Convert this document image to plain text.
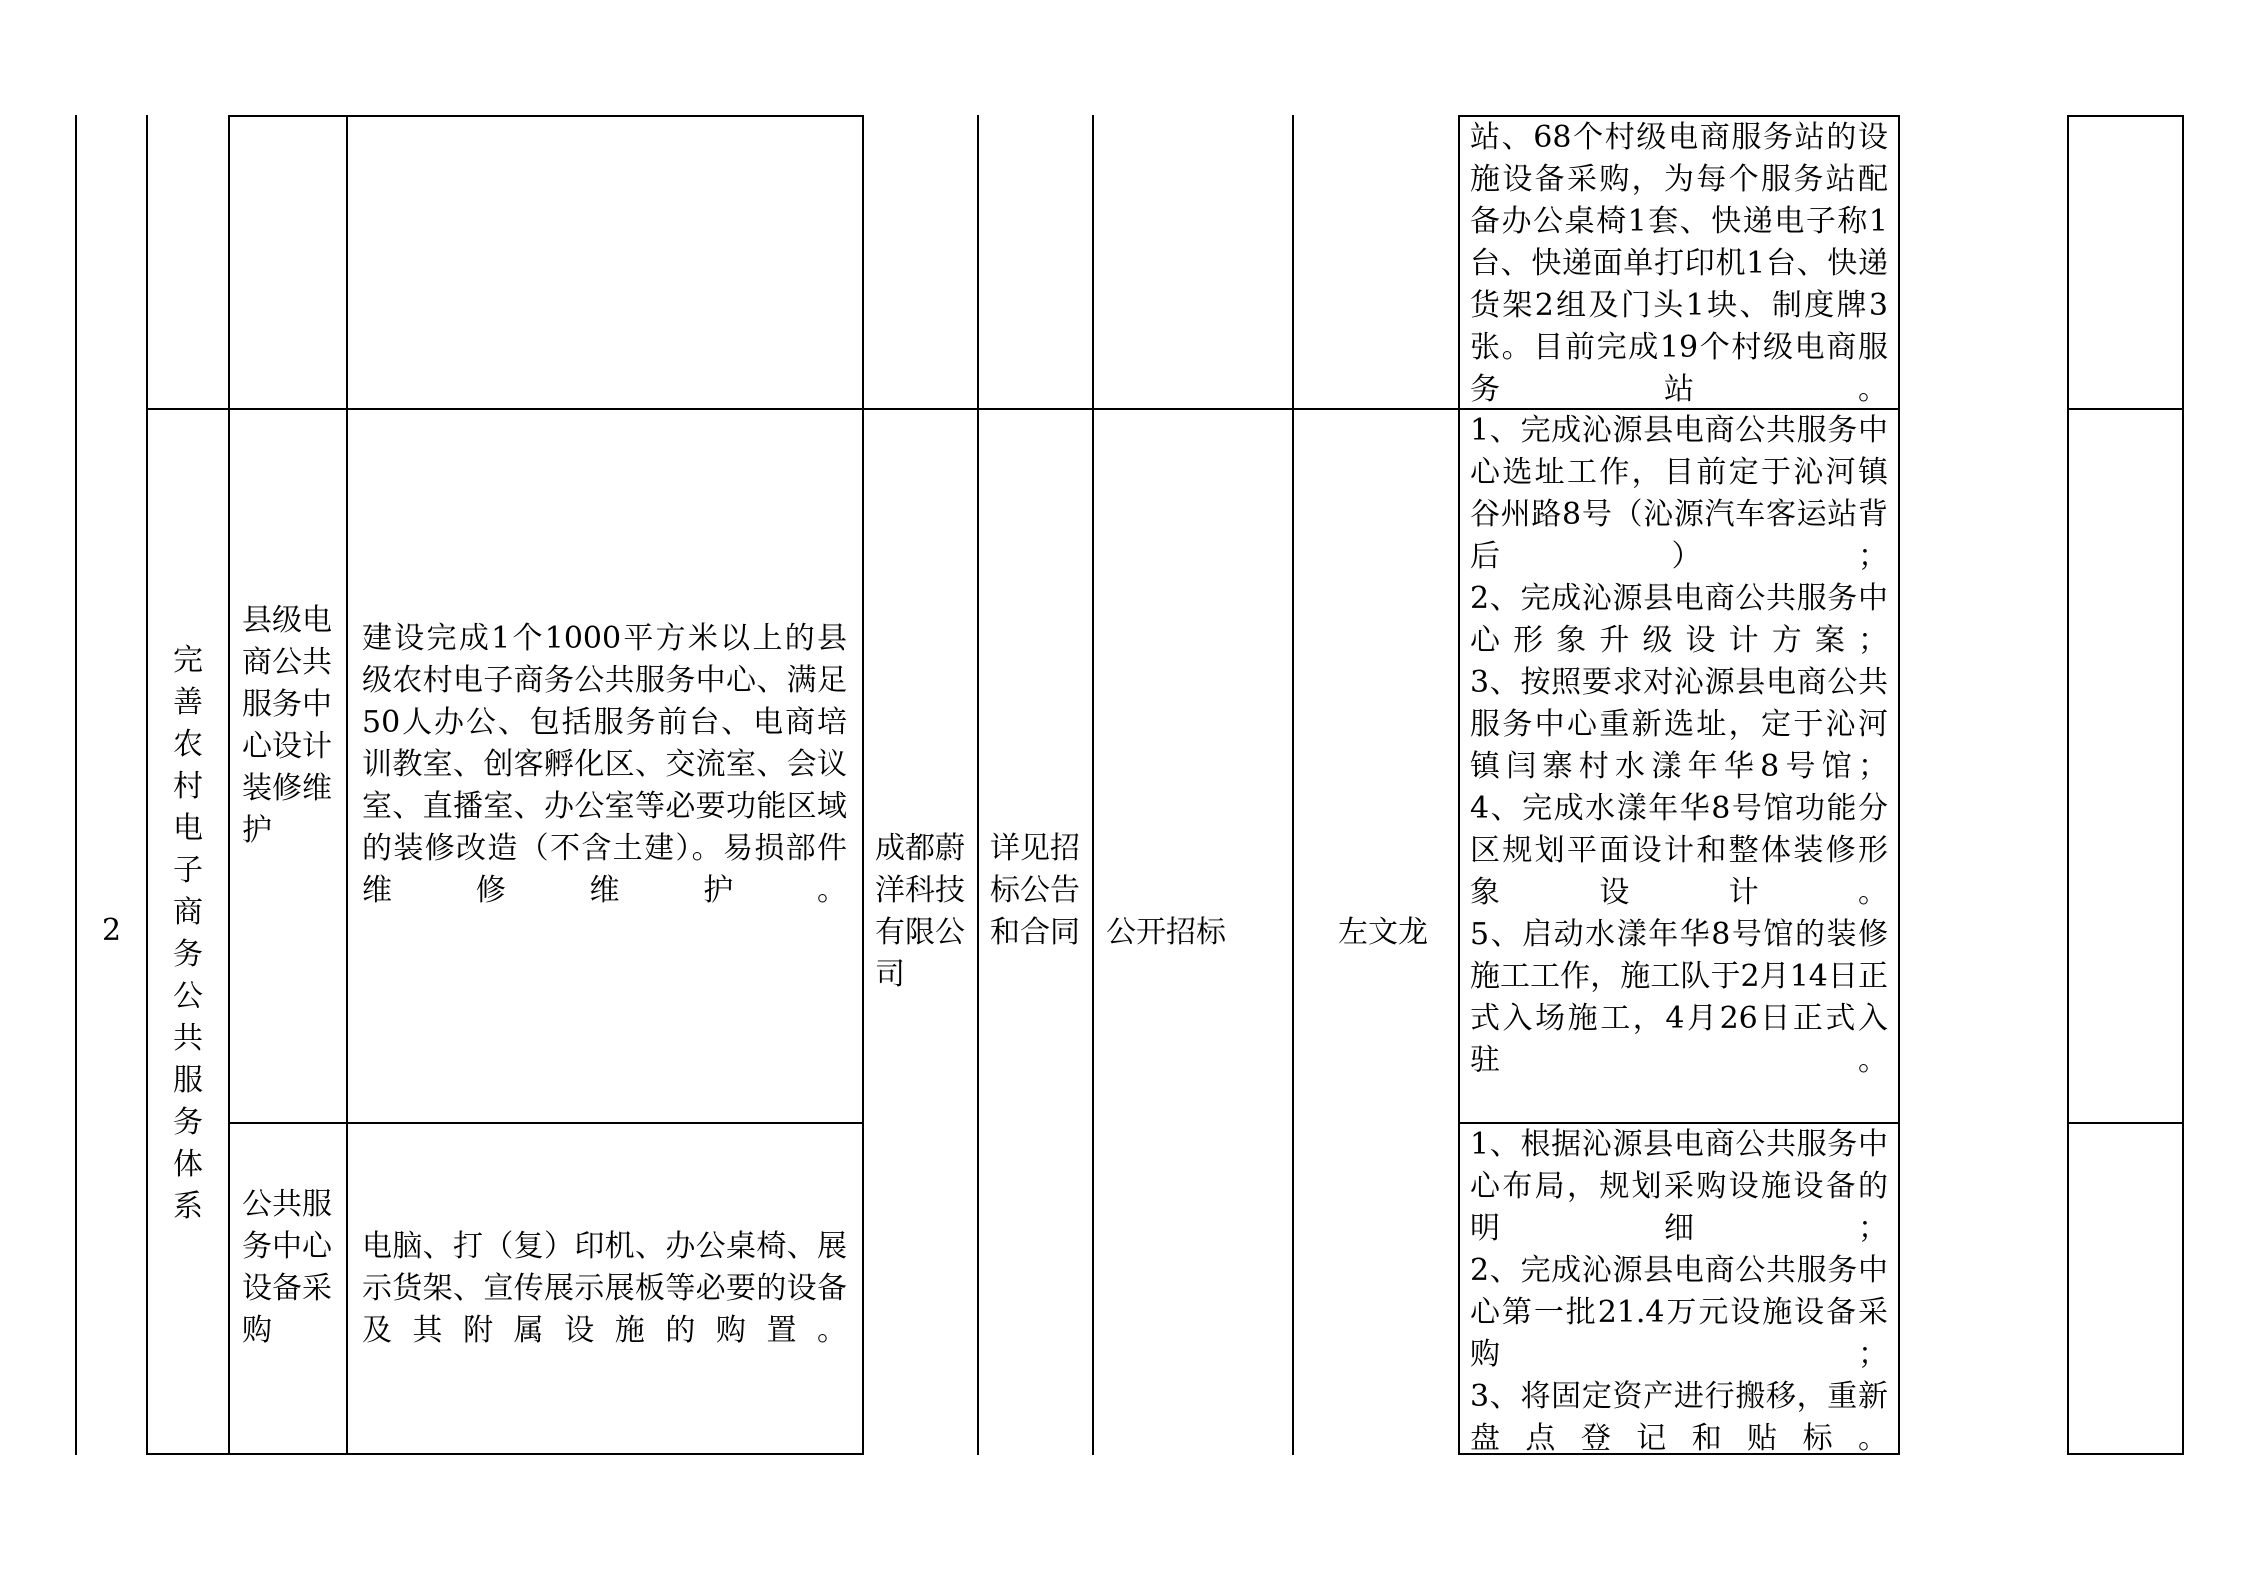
站、68个村级电商服务站的设施设备采购，为每个服务站配备办公桌椅1套、快递电子称1台、快递面单打印机1台、快递货架2组及门头1块、制度牌3张。目前完成19个村级电商服务站。
2
完善农村电子商务公共服务体系
县级电商公共服务中心设计装修维护
建设完成1个1000平方米以上的县级农村电子商务公共服务中心、满足50人办公、包括服务前台、电商培训教室、创客孵化区、交流室、会议室、直播室、办公室等必要功能区域的装修改造（不含土建）。易损部件维修维护。
成都蔚洋科技有限公司
详见招标公告和合同 公开招标	左文龙
1、完成沁源县电商公共服务中心选址工作，目前定于沁河镇谷州路8号（沁源汽车客运站背后）；
2、完成沁源县电商公共服务中心形象升级设计方案；
3、按照要求对沁源县电商公共服务中心重新选址，定于沁河镇闫寨村水漾年华8号馆；
4、完成水漾年华8号馆功能分区规划平面设计和整体装修形象设计。
5、启动水漾年华8号馆的装修施工工作，施工队于2月14日正式入场施工，4月26日正式入驻。
公共服务中心设备采购
电脑、打（复）印机、办公桌椅、展示货架、宣传展示展板等必要的设备及其附属设施的购置。
1、根据沁源县电商公共服务中心布局，规划采购设施设备的明细；
2、完成沁源县电商公共服务中心第一批21.4万元设施设备采购；
3、将固定资产进行搬移，重新盘点登记和贴标。
